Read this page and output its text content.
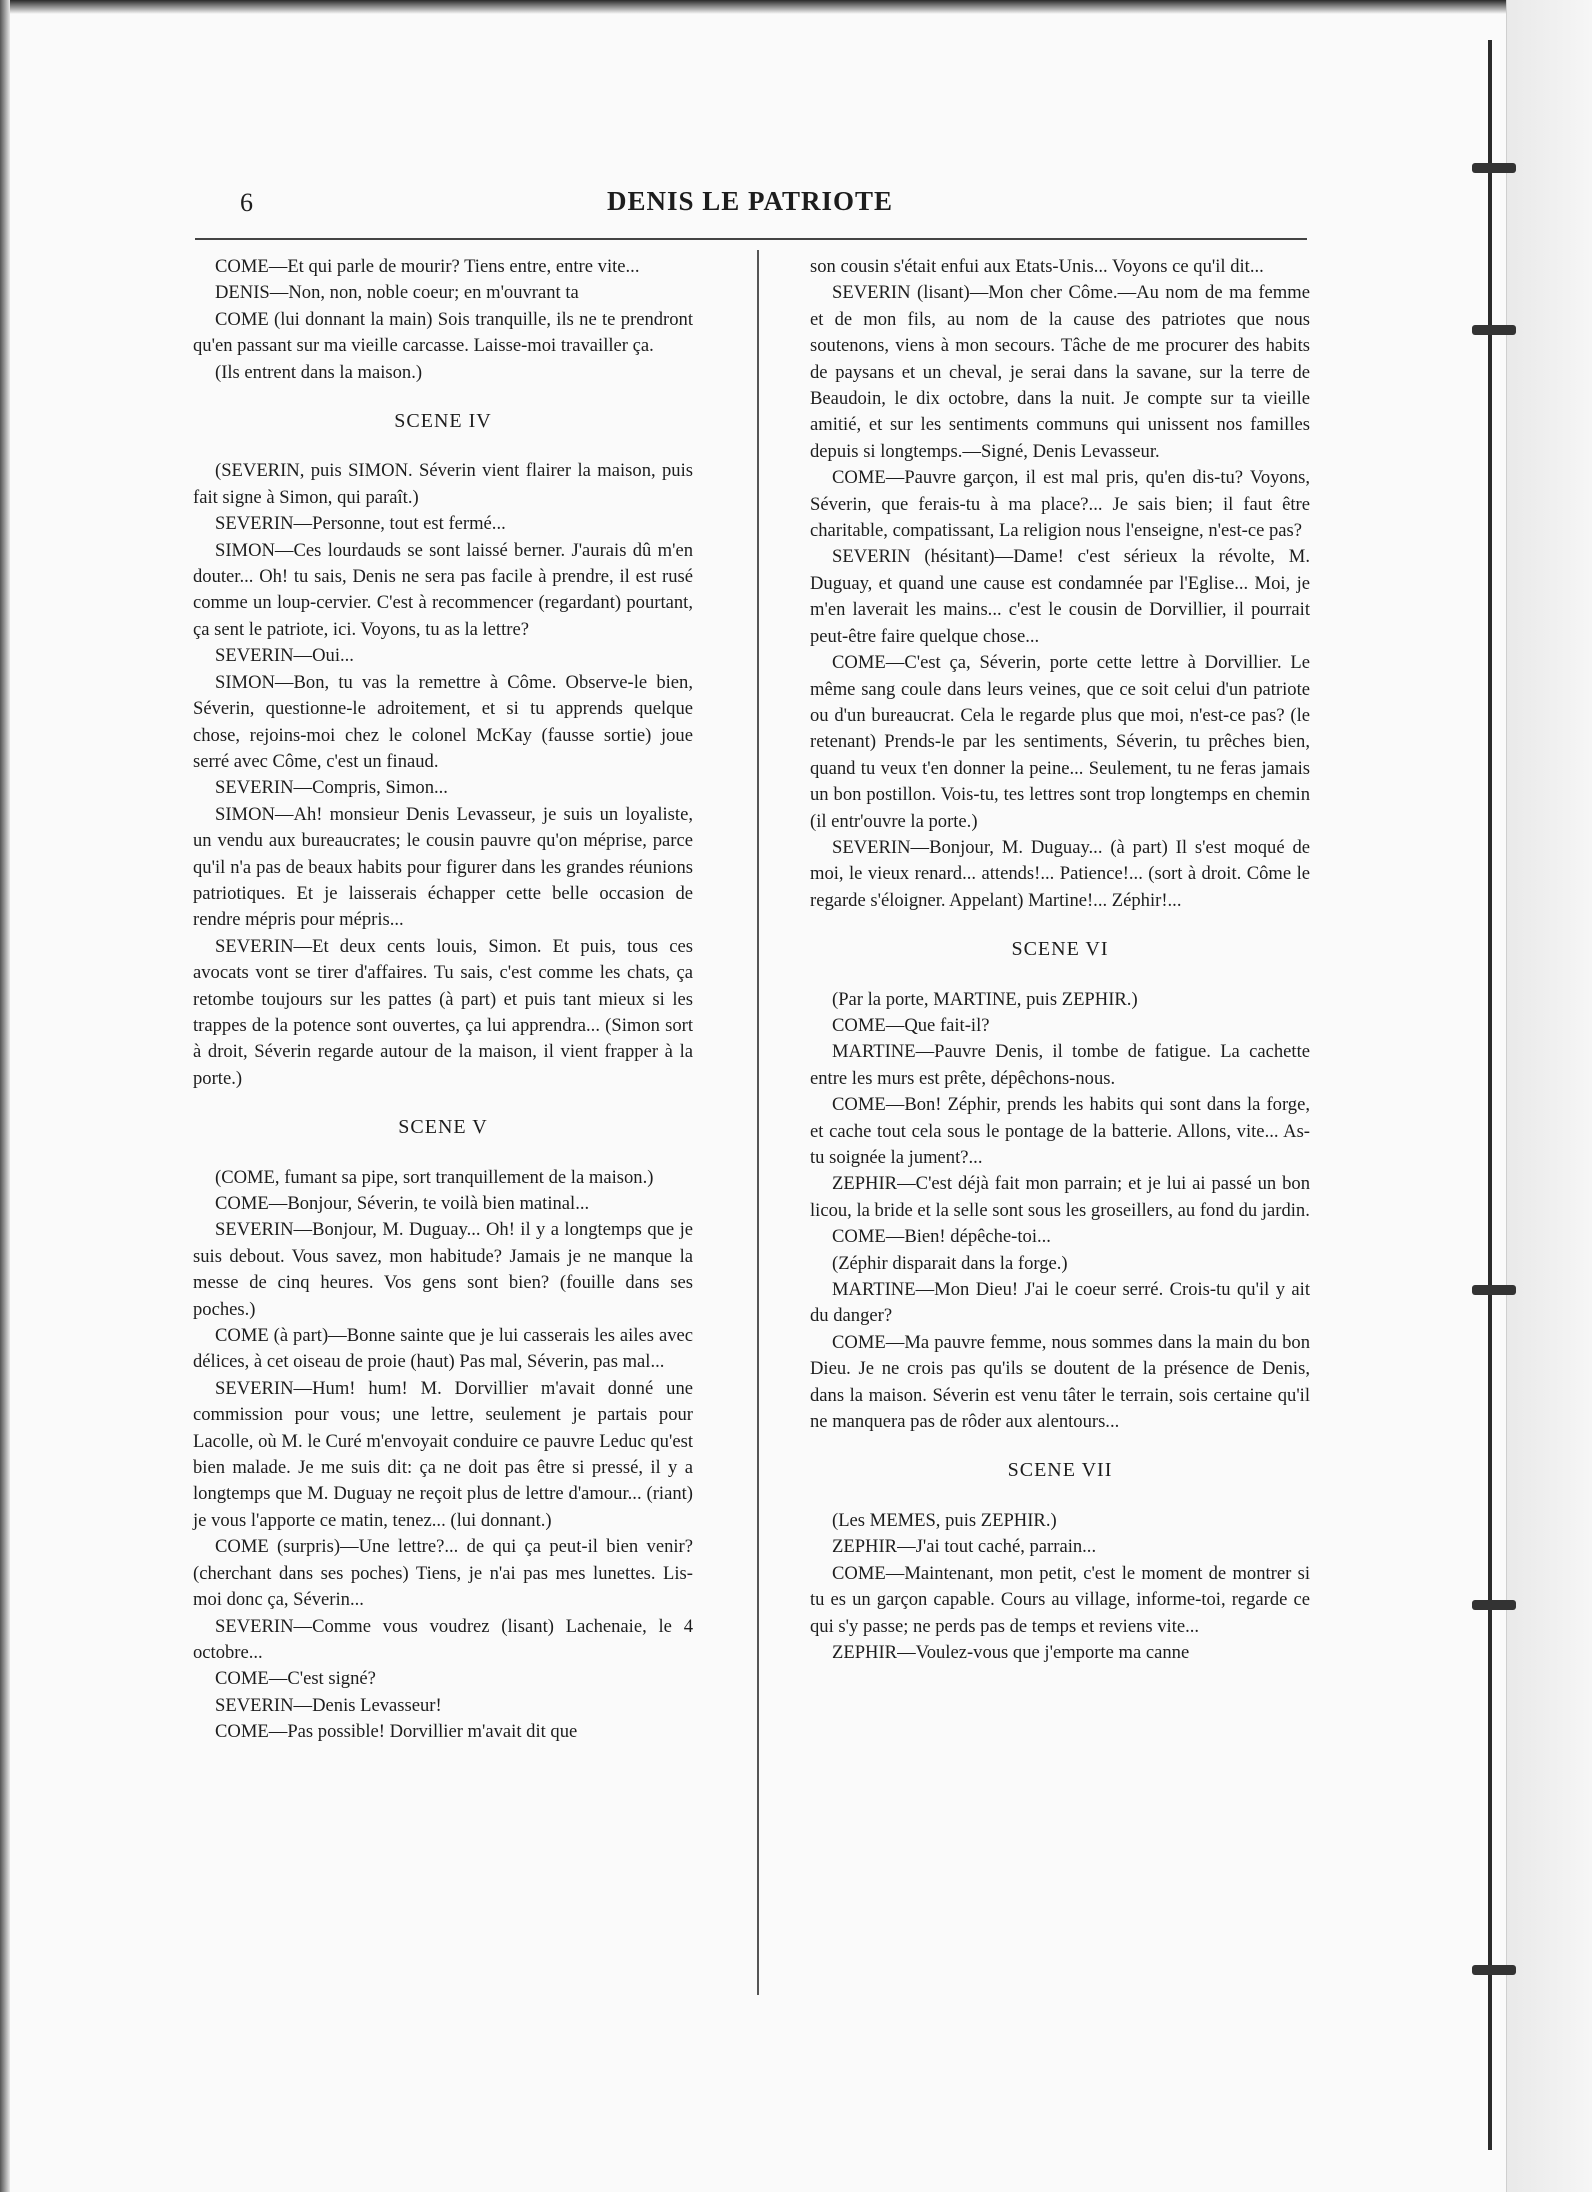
6	DENIS LE PATRIOTE

COME—Et qui parle de mourir? Tiens entre, entre vite...

DENIS—Non, non, noble coeur; en m'ouvrant ta

COME (lui donnant la main) Sois tranquille, ils ne te prendront qu'en passant sur ma vieille carcasse. Laisse-moi travailler ça.

(Ils entrent dans la maison.)

SCENE IV

(SEVERIN, puis SIMON. Séverin vient flairer la maison, puis fait signe à Simon, qui paraît.)

SEVERIN—Personne, tout est fermé...

SIMON—Ces lourdauds se sont laissé berner. J'aurais dû m'en douter... Oh! tu sais, Denis ne sera pas facile à prendre, il est rusé comme un loup-cervier. C'est à recommencer (regardant) pourtant, ça sent le patriote, ici. Voyons, tu as la lettre?

SEVERIN—Oui...

SIMON—Bon, tu vas la remettre à Côme. Observe-le bien, Séverin, questionne-le adroitement, et si tu apprends quelque chose, rejoins-moi chez le colonel McKay (fausse sortie) joue serré avec Côme, c'est un finaud.

SEVERIN—Compris, Simon...

SIMON—Ah! monsieur Denis Levasseur, je suis un loyaliste, un vendu aux bureaucrates; le cousin pauvre qu'on méprise, parce qu'il n'a pas de beaux habits pour figurer dans les grandes réunions patriotiques. Et je laisserais échapper cette belle occasion de rendre mépris pour mépris...

SEVERIN—Et deux cents louis, Simon. Et puis, tous ces avocats vont se tirer d'affaires. Tu sais, c'est comme les chats, ça retombe toujours sur les pattes (à part) et puis tant mieux si les trappes de la potence sont ouvertes, ça lui apprendra... (Simon sort à droit, Séverin regarde autour de la maison, il vient frapper à la porte.)

SCENE V

(COME, fumant sa pipe, sort tranquillement de la maison.)

COME—Bonjour, Séverin, te voilà bien matinal...

SEVERIN—Bonjour, M. Duguay... Oh! il y a longtemps que je suis debout. Vous savez, mon habitude? Jamais je ne manque la messe de cinq heures. Vos gens sont bien? (fouille dans ses poches.)

COME (à part)—Bonne sainte que je lui casserais les ailes avec délices, à cet oiseau de proie (haut) Pas mal, Séverin, pas mal...

SEVERIN—Hum! hum! M. Dorvillier m'avait donné une commission pour vous; une lettre, seulement je partais pour Lacolle, où M. le Curé m'envoyait conduire ce pauvre Leduc qu'est bien malade. Je me suis dit: ça ne doit pas être si pressé, il y a longtemps que M. Duguay ne reçoit plus de lettre d'amour... (riant) je vous l'apporte ce matin, tenez... (lui donnant.)

COME (surpris)—Une lettre?... de qui ça peut-il bien venir? (cherchant dans ses poches) Tiens, je n'ai pas mes lunettes. Lis-moi donc ça, Séverin...

SEVERIN—Comme vous voudrez (lisant) Lachenaie, le 4 octobre...

COME—C'est signé?

SEVERIN—Denis Levasseur!

COME—Pas possible! Dorvillier m'avait dit que

son cousin s'était enfui aux Etats-Unis... Voyons ce qu'il dit...

SEVERIN (lisant)—Mon cher Côme.—Au nom de ma femme et de mon fils, au nom de la cause des patriotes que nous soutenons, viens à mon secours. Tâche de me procurer des habits de paysans et un cheval, je serai dans la savane, sur la terre de Beaudoin, le dix octobre, dans la nuit. Je compte sur ta vieille amitié, et sur les sentiments communs qui unissent nos familles depuis si longtemps.—Signé, Denis Levasseur.

COME—Pauvre garçon, il est mal pris, qu'en dis-tu? Voyons, Séverin, que ferais-tu à ma place?... Je sais bien; il faut être charitable, compatissant, La religion nous l'enseigne, n'est-ce pas?

SEVERIN (hésitant)—Dame! c'est sérieux la révolte, M. Duguay, et quand une cause est condamnée par l'Eglise... Moi, je m'en laverait les mains... c'est le cousin de Dorvillier, il pourrait peut-être faire quelque chose...

COME—C'est ça, Séverin, porte cette lettre à Dorvillier. Le même sang coule dans leurs veines, que ce soit celui d'un patriote ou d'un bureaucrat. Cela le regarde plus que moi, n'est-ce pas? (le retenant) Prends-le par les sentiments, Séverin, tu prêches bien, quand tu veux t'en donner la peine... Seulement, tu ne feras jamais un bon postillon. Vois-tu, tes lettres sont trop longtemps en chemin (il entr'ouvre la porte.)

SEVERIN—Bonjour, M. Duguay... (à part) Il s'est moqué de moi, le vieux renard... attends!... Patience!... (sort à droit. Côme le regarde s'éloigner. Appelant) Martine!... Zéphir!...

SCENE VI

(Par la porte, MARTINE, puis ZEPHIR.)

COME—Que fait-il?

MARTINE—Pauvre Denis, il tombe de fatigue. La cachette entre les murs est prête, dépêchons-nous.

COME—Bon! Zéphir, prends les habits qui sont dans la forge, et cache tout cela sous le pontage de la batterie. Allons, vite... As-tu soignée la jument?...

ZEPHIR—C'est déjà fait mon parrain; et je lui ai passé un bon licou, la bride et la selle sont sous les groseillers, au fond du jardin.

COME—Bien! dépêche-toi...

(Zéphir disparait dans la forge.)

MARTINE—Mon Dieu! J'ai le coeur serré. Crois-tu qu'il y ait du danger?

COME—Ma pauvre femme, nous sommes dans la main du bon Dieu. Je ne crois pas qu'ils se doutent de la présence de Denis, dans la maison. Séverin est venu tâter le terrain, sois certaine qu'il ne manquera pas de rôder aux alentours...

SCENE VII

(Les MEMES, puis ZEPHIR.)

ZEPHIR—J'ai tout caché, parrain...

COME—Maintenant, mon petit, c'est le moment de montrer si tu es un garçon capable. Cours au village, informe-toi, regarde ce qui s'y passe; ne perds pas de temps et reviens vite...

ZEPHIR—Voulez-vous que j'emporte ma canne
